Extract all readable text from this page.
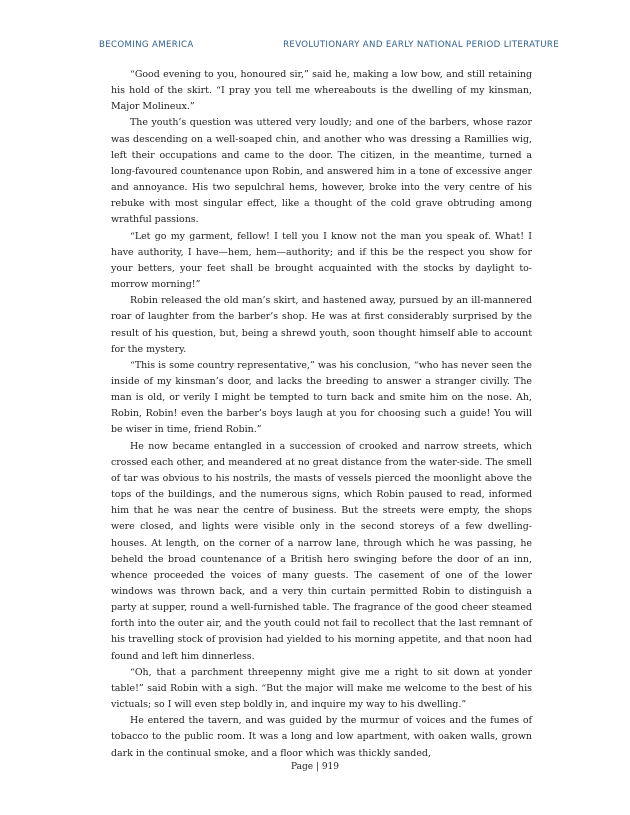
BECOMING AMERICA	REVOLUTIONARY AND EARLY NATIONAL PERIOD LITERATURE

“Good evening to you, honoured sir,” said he, making a low bow, and still retaining his hold of the skirt. “I pray you tell me whereabouts is the dwelling of my kinsman, Major Molineux.”

The youth’s question was uttered very loudly; and one of the barbers, whose razor was descending on a well-soaped chin, and another who was dressing a Ramillies wig, left their occupations and came to the door. The citizen, in the meantime, turned a long-favoured countenance upon Robin, and answered him in a tone of excessive anger and annoyance. His two sepulchral hems, however, broke into the very centre of his rebuke with most singular effect, like a thought of the cold grave obtruding among wrathful passions.

“Let go my garment, fellow! I tell you I know not the man you speak of. What! I have authority, I have—hem, hem—authority; and if this be the respect you show for your betters, your feet shall be brought acquainted with the stocks by daylight to-morrow morning!”

Robin released the old man’s skirt, and hastened away, pursued by an ill-mannered roar of laughter from the barber’s shop. He was at first considerably surprised by the result of his question, but, being a shrewd youth, soon thought himself able to account for the mystery.

“This is some country representative,” was his conclusion, “who has never seen the inside of my kinsman’s door, and lacks the breeding to answer a stranger civilly. The man is old, or verily I might be tempted to turn back and smite him on the nose. Ah, Robin, Robin! even the barber’s boys laugh at you for choosing such a guide! You will be wiser in time, friend Robin.”

He now became entangled in a succession of crooked and narrow streets, which crossed each other, and meandered at no great distance from the water-side. The smell of tar was obvious to his nostrils, the masts of vessels pierced the moonlight above the tops of the buildings, and the numerous signs, which Robin paused to read, informed him that he was near the centre of business. But the streets were empty, the shops were closed, and lights were visible only in the second storeys of a few dwelling-houses. At length, on the corner of a narrow lane, through which he was passing, he beheld the broad countenance of a British hero swinging before the door of an inn, whence proceeded the voices of many guests. The casement of one of the lower windows was thrown back, and a very thin curtain permitted Robin to distinguish a party at supper, round a well-furnished table. The fragrance of the good cheer steamed forth into the outer air, and the youth could not fail to recollect that the last remnant of his travelling stock of provision had yielded to his morning appetite, and that noon had found and left him dinnerless.

“Oh, that a parchment threepenny might give me a right to sit down at yonder table!” said Robin with a sigh. “But the major will make me welcome to the best of his victuals; so I will even step boldly in, and inquire my way to his dwelling.”

He entered the tavern, and was guided by the murmur of voices and the fumes of tobacco to the public room. It was a long and low apartment, with oaken walls, grown dark in the continual smoke, and a floor which was thickly sanded,

Page | 919
